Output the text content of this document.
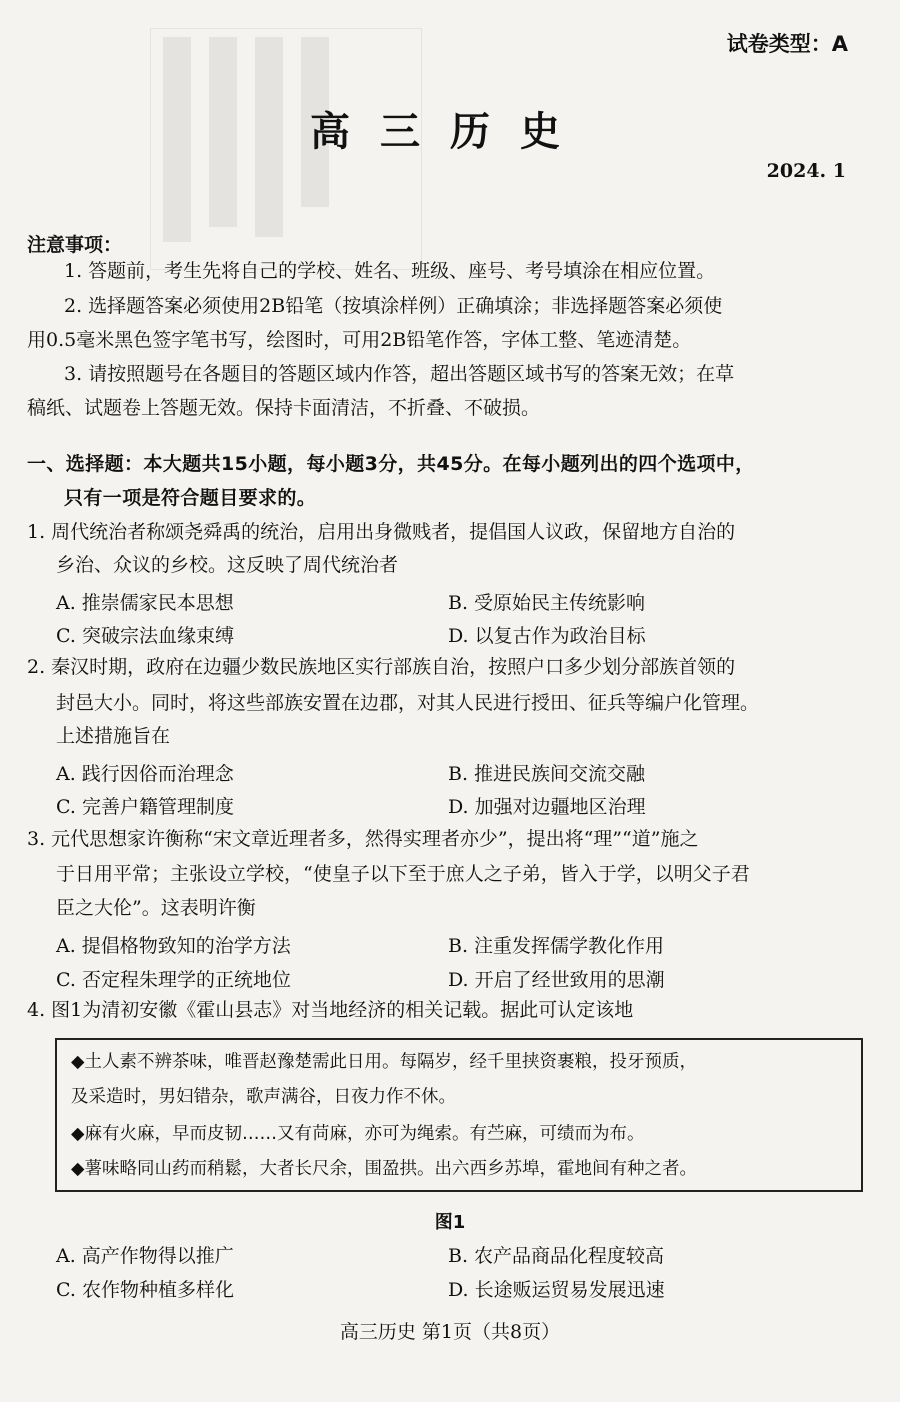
试卷类型：A
高三历史
2024. 1
注意事项：
1. 答题前，考生先将自己的学校、姓名、班级、座号、考号填涂在相应位置。
2. 选择题答案必须使用2B铅笔（按填涂样例）正确填涂；非选择题答案必须使
用0.5毫米黑色签字笔书写，绘图时，可用2B铅笔作答，字体工整、笔迹清楚。
3. 请按照题号在各题目的答题区域内作答，超出答题区域书写的答案无效；在草
稿纸、试题卷上答题无效。保持卡面清洁，不折叠、不破损。
一、选择题：本大题共15小题，每小题3分，共45分。在每小题列出的四个选项中，
只有一项是符合题目要求的。
1. 周代统治者称颂尧舜禹的统治，启用出身微贱者，提倡国人议政，保留地方自治的
乡治、众议的乡校。这反映了周代统治者
A. 推崇儒家民本思想	B. 受原始民主传统影响
C. 突破宗法血缘束缚	D. 以复古作为政治目标
2. 秦汉时期，政府在边疆少数民族地区实行部族自治，按照户口多少划分部族首领的
封邑大小。同时，将这些部族安置在边郡，对其人民进行授田、征兵等编户化管理。
上述措施旨在
A. 践行因俗而治理念	B. 推进民族间交流交融
C. 完善户籍管理制度	D. 加强对边疆地区治理
3. 元代思想家许衡称“宋文章近理者多，然得实理者亦少”，提出将“理”“道”施之
于日用平常；主张设立学校，“使皇子以下至于庶人之子弟，皆入于学，以明父子君
臣之大伦”。这表明许衡
A. 提倡格物致知的治学方法	B. 注重发挥儒学教化作用
C. 否定程朱理学的正统地位	D. 开启了经世致用的思潮
4. 图1为清初安徽《霍山县志》对当地经济的相关记载。据此可认定该地
◆土人素不辨茶味，唯晋赵豫楚需此日用。每隔岁，经千里挟资裹粮，投牙预质，
及采造时，男妇错杂，歌声满谷，日夜力作不休。
◆麻有火麻，早而皮韧……又有苘麻，亦可为绳索。有苎麻，可绩而为布。
◆薯味略同山药而稍鬆，大者长尺余，围盈拱。出六西乡苏埠，霍地间有种之者。
图1
A. 高产作物得以推广	B. 农产品商品化程度较高
C. 农作物种植多样化	D. 长途贩运贸易发展迅速
高三历史 第1页（共8页）
